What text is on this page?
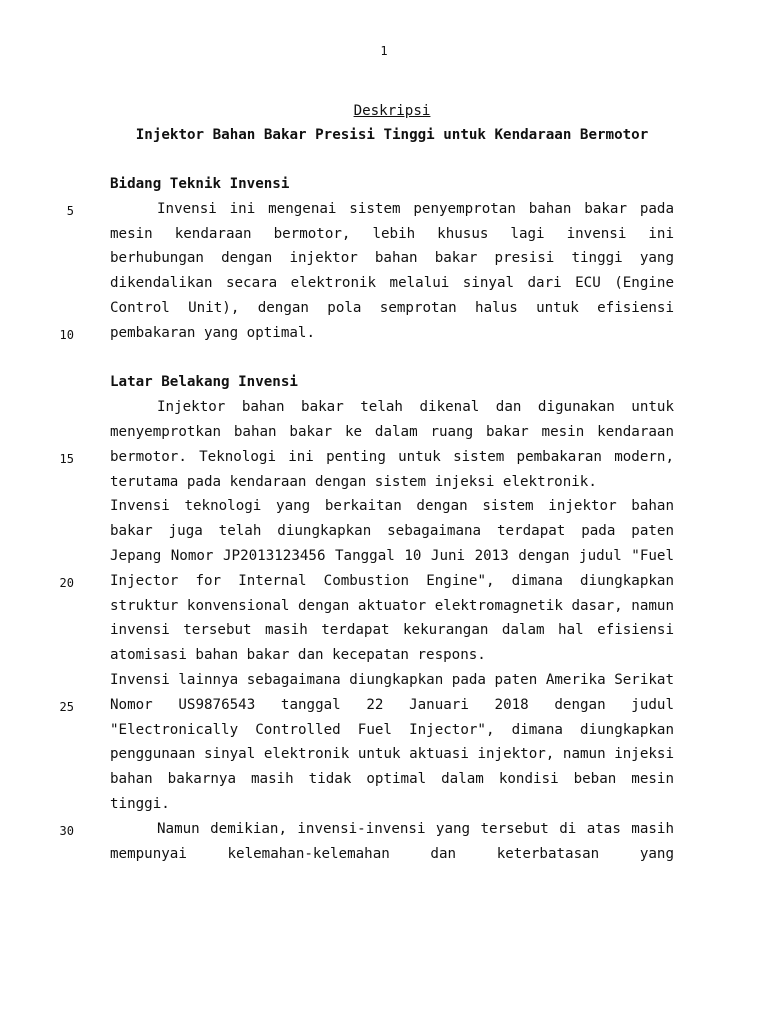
1
Deskripsi
Injektor Bahan Bakar Presisi Tinggi untuk Kendaraan Bermotor
5
10
15
20
25
30
Bidang Teknik Invensi

Invensi ini mengenai sistem penyemprotan bahan bakar pada mesin kendaraan bermotor, lebih khusus lagi invensi ini berhubungan dengan injektor bahan bakar presisi tinggi yang dikendalikan secara elektronik melalui sinyal dari ECU (Engine Control Unit), dengan pola semprotan halus untuk efisiensi pembakaran yang optimal.

Latar Belakang Invensi

Injektor bahan bakar telah dikenal dan digunakan untuk menyemprotkan bahan bakar ke dalam ruang bakar mesin kendaraan bermotor. Teknologi ini penting untuk sistem pembakaran modern, terutama pada kendaraan dengan sistem injeksi elektronik.

Invensi teknologi yang berkaitan dengan sistem injektor bahan bakar juga telah diungkapkan sebagaimana terdapat pada paten Jepang Nomor JP2013123456 Tanggal 10 Juni 2013 dengan judul "Fuel Injector for Internal Combustion Engine", dimana diungkapkan struktur konvensional dengan aktuator elektromagnetik dasar, namun invensi tersebut masih terdapat kekurangan dalam hal efisiensi atomisasi bahan bakar dan kecepatan respons.

Invensi lainnya sebagaimana diungkapkan pada paten Amerika Serikat Nomor US9876543 tanggal 22 Januari 2018 dengan judul "Electronically Controlled Fuel Injector", dimana diungkapkan penggunaan sinyal elektronik untuk aktuasi injektor, namun injeksi bahan bakarnya masih tidak optimal dalam kondisi beban mesin tinggi.

Namun demikian, invensi-invensi yang tersebut di atas masih mempunyai kelemahan-kelemahan dan keterbatasan yang
